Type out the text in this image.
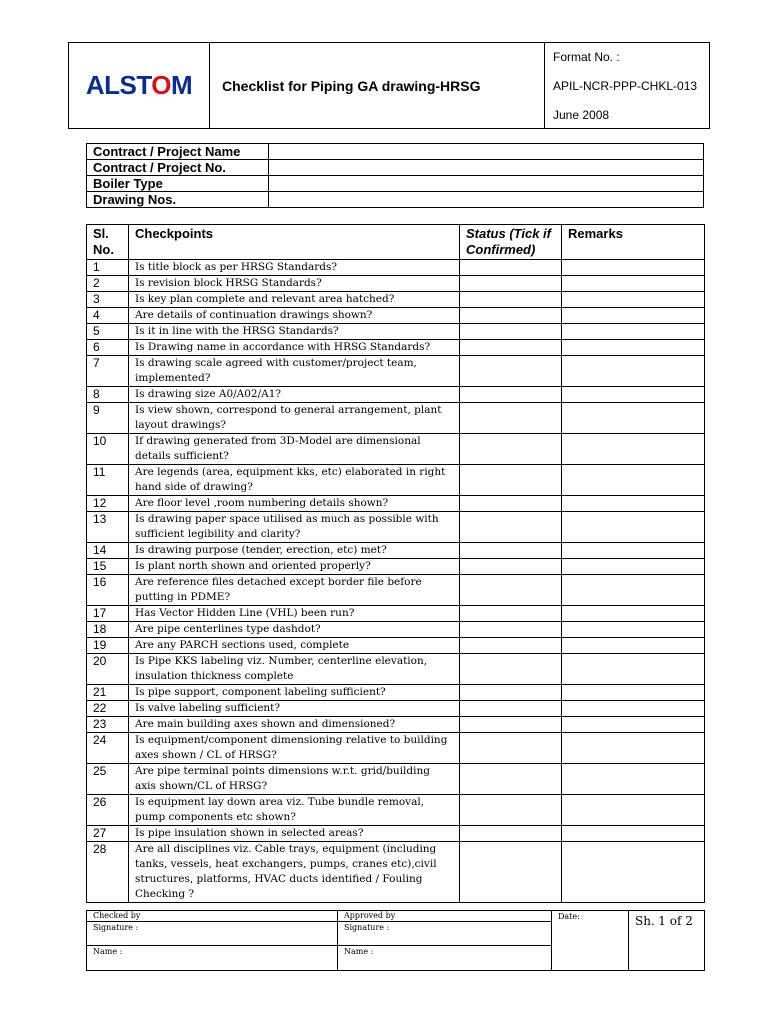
ALSTOM	Checklist for Piping GA drawing-HRSG
Format No. :
APIL-NCR-PPP-CHKL-013
June 2008
Contract / Project Name	
Contract / Project No.	
Boiler Type	
Drawing Nos.	
Sl. No.	Checkpoints	Status (Tick if Confirmed)	Remarks
1	Is title block as per HRSG Standards?		
2	Is revision block HRSG Standards?		
3	Is key plan complete and relevant area hatched?		
4	Are details of continuation drawings shown?		
5	Is it in line with the HRSG Standards?		
6	Is Drawing name in accordance with HRSG Standards?		
7	Is drawing scale agreed with customer/project team, implemented?		
8	Is drawing size A0/A02/A1?		
9	Is view shown, correspond to general arrangement, plant layout drawings?		
10	If drawing generated from 3D-Model are dimensional details sufficient?		
11	Are legends (area, equipment kks, etc) elaborated in right hand side of drawing?		
12	Are floor level ,room numbering details shown?		
13	Is drawing paper space utilised as much as possible with sufficient legibility and clarity?		
14	Is drawing purpose (tender, erection, etc) met?		
15	Is plant north shown and oriented properly?		
16	Are reference files detached except border file before putting in PDME?		
17	Has Vector Hidden Line (VHL) been run?		
18	Are pipe centerlines type dashdot?		
19	Are any PARCH sections used, complete		
20	Is Pipe KKS labeling viz. Number, centerline elevation, insulation thickness complete		
21	Is pipe support, component labeling sufficient?		
22	Is valve labeling sufficient?		
23	Are main building axes shown and dimensioned?		
24	Is equipment/component dimensioning relative to building axes shown / CL of HRSG?		
25	Are pipe terminal points dimensions w.r.t. grid/building axis shown/CL of HRSG?		
26	Is equipment lay down area viz. Tube bundle removal, pump components etc shown?		
27	Is pipe insulation shown in selected areas?		
28	Are all disciplines viz. Cable trays, equipment (including tanks, vessels, heat exchangers, pumps, cranes etc),civil structures, platforms, HVAC ducts identified / Fouling Checking ?		
Checked by	Approved by	Date:	Sh. 1 of 2
Signature :	Signature :		
Name :	Name :		
